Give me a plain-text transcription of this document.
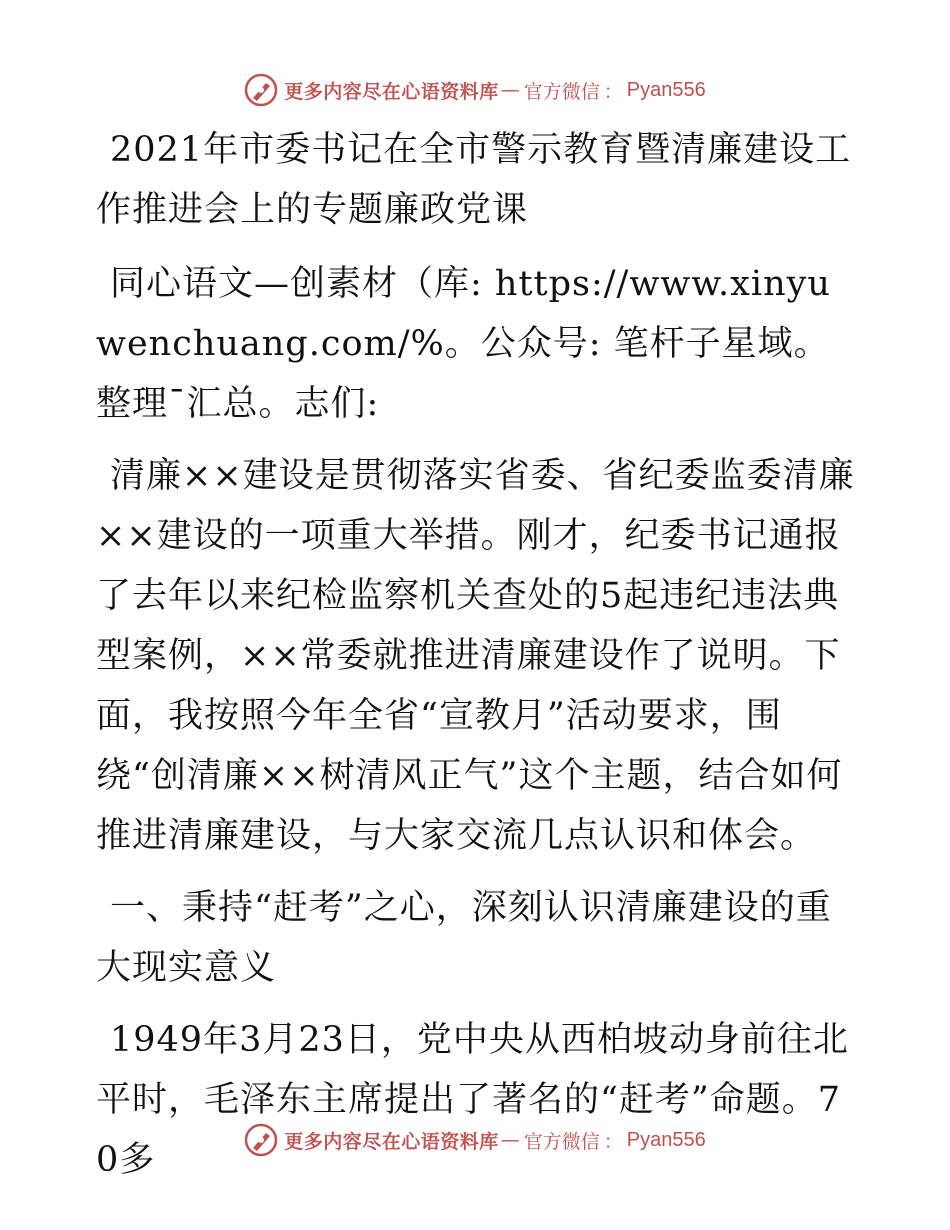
更多内容尽在心语资料库 — 官方微信 ： Pyan556

2021年市委书记在全市警示教育暨清廉建设工作推进会上的专题廉政党课

同心语文—创素材（库: https://www.xinyuwenchuang.com/%。公众号: 笔杆子星域。整理¯汇总。志们:

清廉××建设是贯彻落实省委、省纪委监委清廉××建设的一项重大举措。刚才，纪委书记通报了去年以来纪检监察机关查处的5起违纪违法典型案例，××常委就推进清廉建设作了说明。下面，我按照今年全省“宣教月”活动要求，围绕“创清廉××树清风正气”这个主题，结合如何推进清廉建设，与大家交流几点认识和体会。

一、秉持“赶考”之心，深刻认识清廉建设的重大现实意义

1949年3月23日，党中央从西柏坡动身前往北平时，毛泽东主席提出了著名的“赶考”命题。70多	更多内容尽在心语资料库 — 官方微信 ： Pyan556
